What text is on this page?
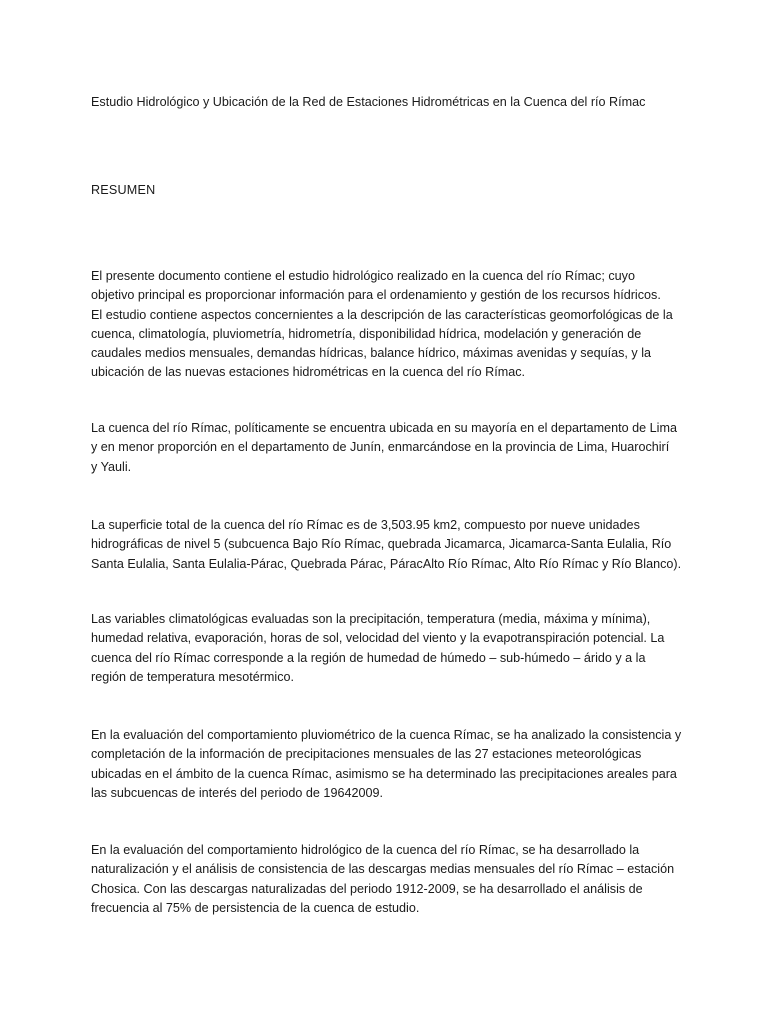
Estudio Hidrológico y Ubicación de la Red de Estaciones Hidrométricas en la Cuenca del río Rímac
RESUMEN

El presente documento contiene el estudio hidrológico realizado en la cuenca del río Rímac; cuyo
objetivo principal es proporcionar información para el ordenamiento y gestión de los recursos hídricos.
El estudio contiene aspectos concernientes a la descripción de las características geomorfológicas de la
cuenca, climatología, pluviometría, hidrometría, disponibilidad hídrica, modelación y generación de
caudales medios mensuales, demandas hídricas, balance hídrico, máximas avenidas y sequías, y la
ubicación de las nuevas estaciones hidrométricas en la cuenca del río Rímac.

La cuenca del río Rímac, políticamente se encuentra ubicada en su mayoría en el departamento de Lima
y en menor proporción en el departamento de Junín, enmarcándose en la provincia de Lima, Huarochirí
y Yauli.

La superficie total de la cuenca del río Rímac es de 3,503.95 km2, compuesto por nueve unidades
hidrográficas de nivel 5 (subcuenca Bajo Río Rímac, quebrada Jicamarca, Jicamarca-Santa Eulalia, Río
Santa Eulalia, Santa Eulalia-Párac, Quebrada Párac, PáracAlto Río Rímac, Alto Río Rímac y Río Blanco).

Las variables climatológicas evaluadas son la precipitación, temperatura (media, máxima y mínima),
humedad relativa, evaporación, horas de sol, velocidad del viento y la evapotranspiración potencial. La
cuenca del río Rímac corresponde a la región de humedad de húmedo – sub-húmedo – árido y a la
región de temperatura mesotérmico.

En la evaluación del comportamiento pluviométrico de la cuenca Rímac, se ha analizado la consistencia y
completación de la información de precipitaciones mensuales de las 27 estaciones meteorológicas
ubicadas en el ámbito de la cuenca Rímac, asimismo se ha determinado las precipitaciones areales para
las subcuencas de interés del periodo de 19642009.

En la evaluación del comportamiento hidrológico de la cuenca del río Rímac, se ha desarrollado la
naturalización y el análisis de consistencia de las descargas medias mensuales del río Rímac – estación
Chosica. Con las descargas naturalizadas del periodo 1912-2009, se ha desarrollado el análisis de
frecuencia al 75% de persistencia de la cuenca de estudio.
